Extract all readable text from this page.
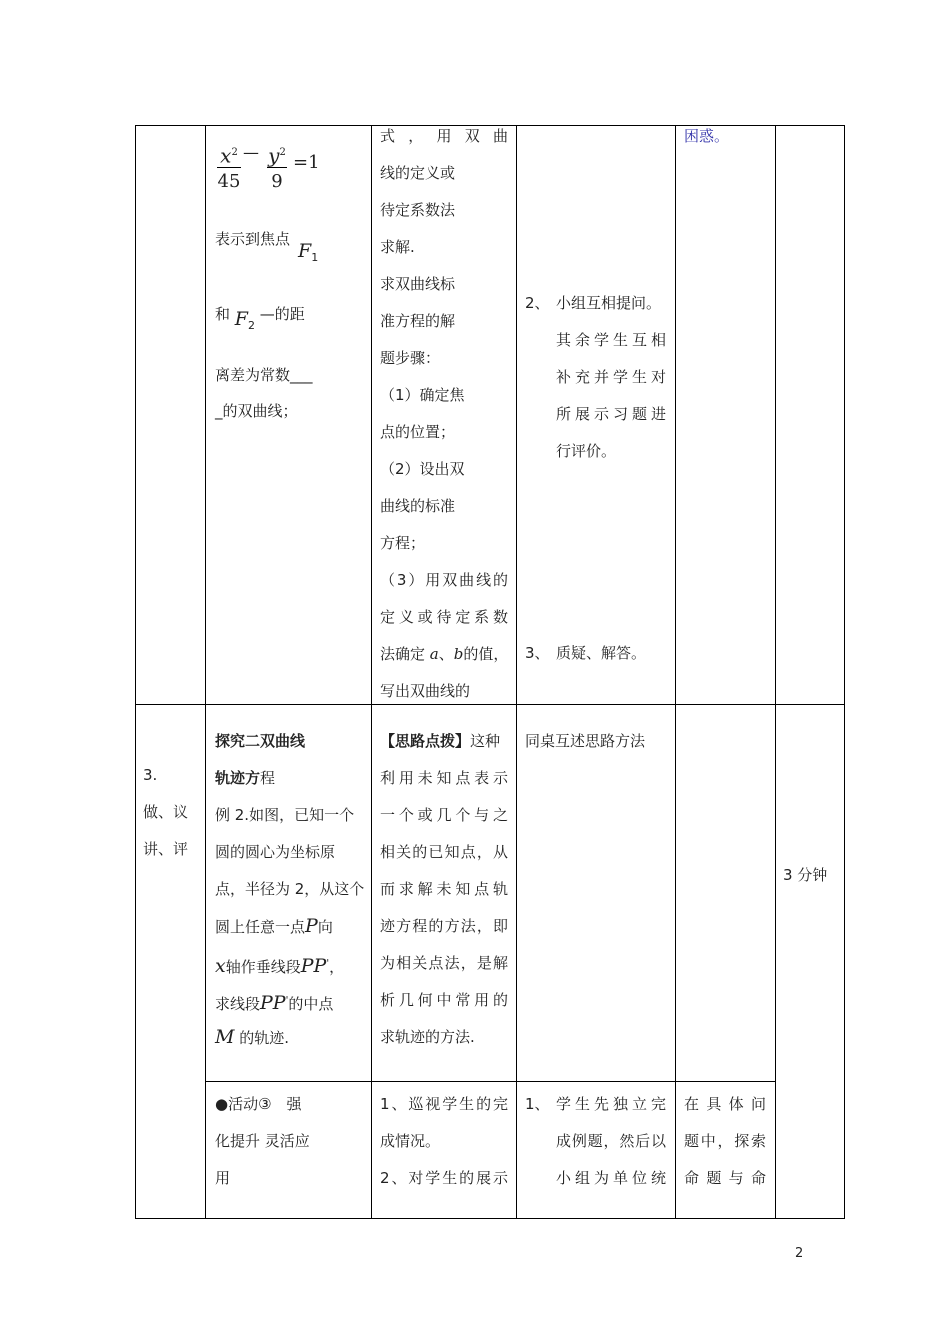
$x^2$
45
— $y^2$
9
=1
表示到焦点
$F_1$
和 $F_2$ —的距
离差为常数___
_的双曲线；
式，用双曲
线的定义或
待定系数法
求解.
求双曲线标
准方程的解
题步骤：
（1）确定焦
点的位置；
（2）设出双
曲线的标准
方程；
（3）用双曲线的
定义或待定系数
法确定 a、b的值，
写出双曲线的
2、 小组互相提问。
其余学生互相
补充并学生对
所展示习题进
行评价。
3、 质疑、解答。
困惑。
3.
做、议
讲、评
探究二双曲线
轨迹方程
例 2.如图，已知一个
圆的圆心为坐标原
点，半径为 2，从这个
圆上任意一点P向
x轴作垂线段PP'，
求线段PP'的中点
M 的轨迹.
【思路点拨】这种
利用未知点表示
一个或几个与之
相关的已知点，从
而求解未知点轨
迹方程的方法，即
为相关点法，是解
析几何中常用的
求轨迹的方法.
同桌互述思路方法
3 分钟
●活动③　强
化提升 灵活应
用
1、巡视学生的完
成情况。
2、对学生的展示
1、 学生先独立完
成例题，然后以
小组为单位统
在具体问
题中，探索
命题与命
2
